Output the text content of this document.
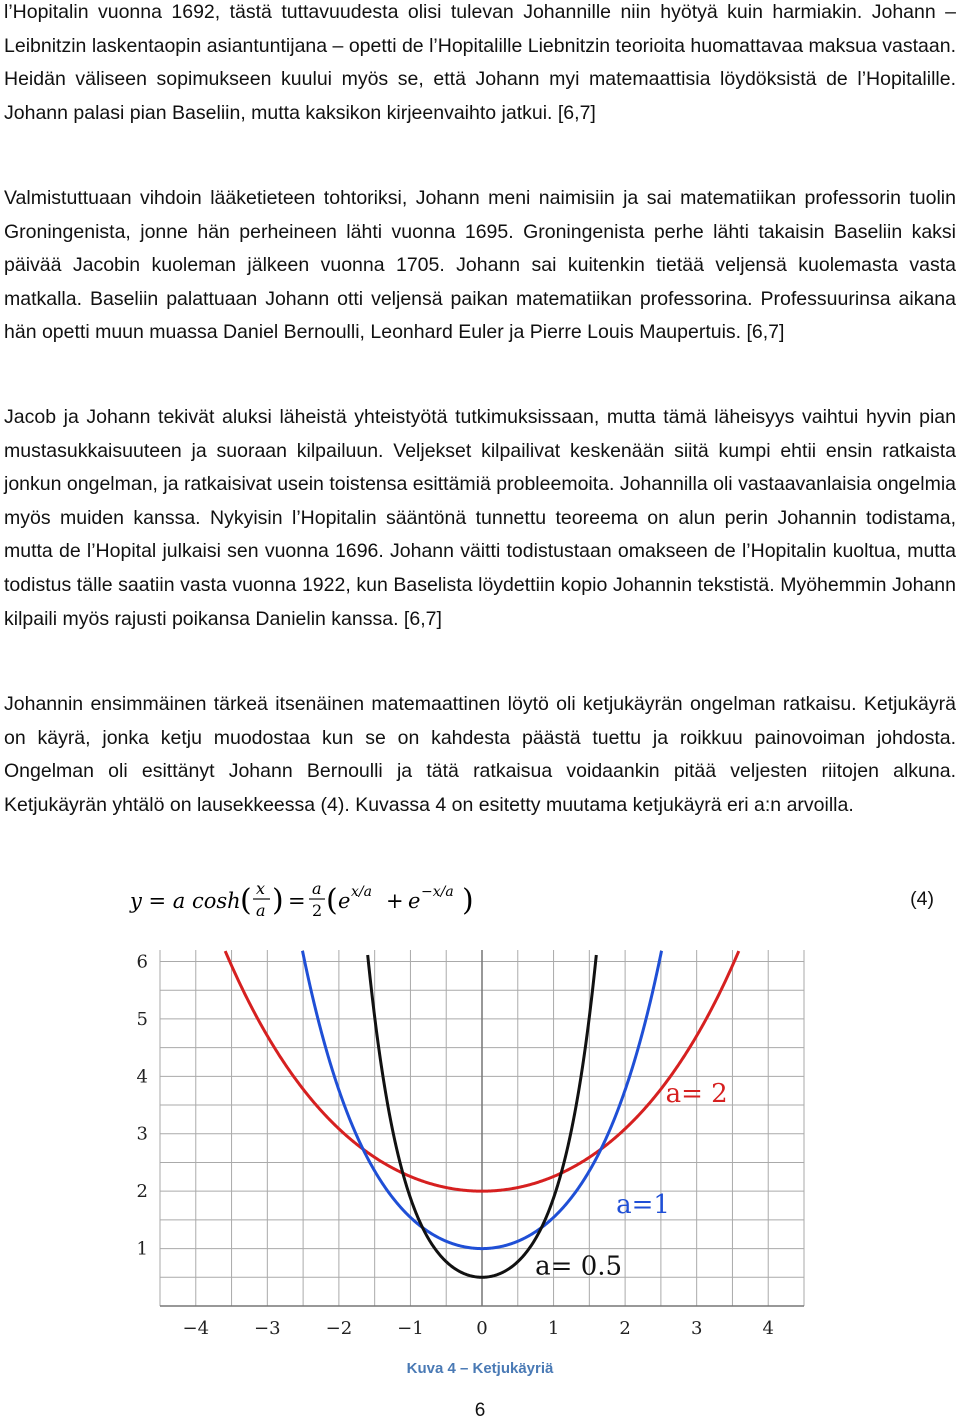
l’Hopitalin vuonna 1692, tästä tuttavuudesta olisi tulevan Johannille niin hyötyä kuin harmiakin. Johann – Leibnitzin laskentaopin asiantuntijana – opetti de l’Hopitalille Liebnitzin teorioita huomattavaa maksua vastaan. Heidän väliseen sopimukseen kuului myös se, että Johann myi matemaattisia löydöksistä de l’Hopitalille. Johann palasi pian Baseliin, mutta kaksikon kirjeenvaihto jatkui. [6,7]

Valmistuttuaan vihdoin lääketieteen tohtoriksi, Johann meni naimisiin ja sai matematiikan professorin tuolin Groningenista, jonne hän perheineen lähti vuonna 1695. Groningenista perhe lähti takaisin Baseliin kaksi päivää Jacobin kuoleman jälkeen vuonna 1705. Johann sai kuitenkin tietää veljensä kuolemasta vasta matkalla. Baseliin palattuaan Johann otti veljensä paikan matematiikan professorina. Professuurinsa aikana hän opetti muun muassa Daniel Bernoulli, Leonhard Euler ja Pierre Louis Maupertuis. [6,7]

Jacob ja Johann tekivät aluksi läheistä yhteistyötä tutkimuksissaan, mutta tämä läheisyys vaihtui hyvin pian mustasukkaisuuteen ja suoraan kilpailuun. Veljekset kilpailivat keskenään siitä kumpi ehtii ensin ratkaista jonkun ongelman, ja ratkaisivat usein toistensa esittämiä probleemoita. Johannilla oli vastaavanlaisia ongelmia myös muiden kanssa. Nykyisin l’Hopitalin sääntönä tunnettu teoreema on alun perin Johannin todistama, mutta de l’Hopital julkaisi sen vuonna 1696. Johann väitti todistustaan omakseen de l’Hopitalin kuoltua, mutta todistus tälle saatiin vasta vuonna 1922, kun Baselista löydettiin kopio Johannin tekstistä. Myöhemmin Johann kilpaili myös rajusti poikansa Danielin kanssa. [6,7]

Johannin ensimmäinen tärkeä itsenäinen matemaattinen löytö oli ketjukäyrän ongelman ratkaisu. Ketjukäyrä on käyrä, jonka ketju muodostaa kun se on kahdesta päästä tuettu ja roikkuu painovoiman johdosta. Ongelman oli esittänyt Johann Bernoulli ja tätä ratkaisua voidaankin pitää veljesten riitojen alkuna. Ketjukäyrän yhtälö on lausekkeessa (4). Kuvassa 4 on esitetty muutama ketjukäyrä eri a:n arvoilla.

y = a cosh ( x
a ) =
a
2 ( e x/a + e −x/a )	(4)
−4	−3	−2	−1	0	1	2	3	4
1
2
3
4
5
6
a= 2
a=1
a= 0.5
Kuva 4 – Ketjukäyriä
6
